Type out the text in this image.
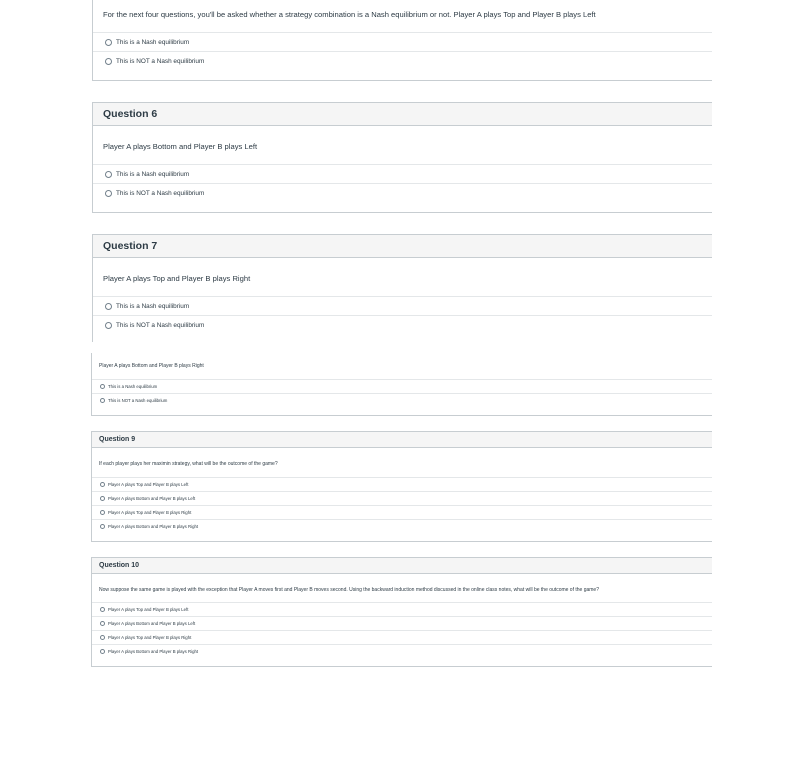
For the next four questions, you'll be asked whether a strategy combination is a Nash equilibrium or not. Player A plays Top and Player B plays Left
This is a Nash equilibrium
This is NOT a Nash equilibrium
Question 6
Player A plays Bottom and Player B plays Left
This is a Nash equilibrium
This is NOT a Nash equilibrium
Question 7
Player A plays Top and Player B plays Right
This is a Nash equilibrium
This is NOT a Nash equilibrium
Player A plays Bottom and Player B plays Right
This is a Nash equilibrium
This is NOT a Nash equilibrium
Question 9
If each player plays her maximin strategy, what will be the outcome of the game?
Player A plays Top and Player B plays Left
Player A plays Bottom and Player B plays Left
Player A plays Top and Player B plays Right
Player A plays Bottom and Player B plays Right
Question 10
Now suppose the same game is played with the exception that Player A moves first and Player B moves second. Using the backward induction method discussed in the online class notes, what will be the outcome of the game?
Player A plays Top and Player B plays Left
Player A plays Bottom and Player B plays Left
Player A plays Top and Player B plays Right
Player A plays Bottom and Player B plays Right
